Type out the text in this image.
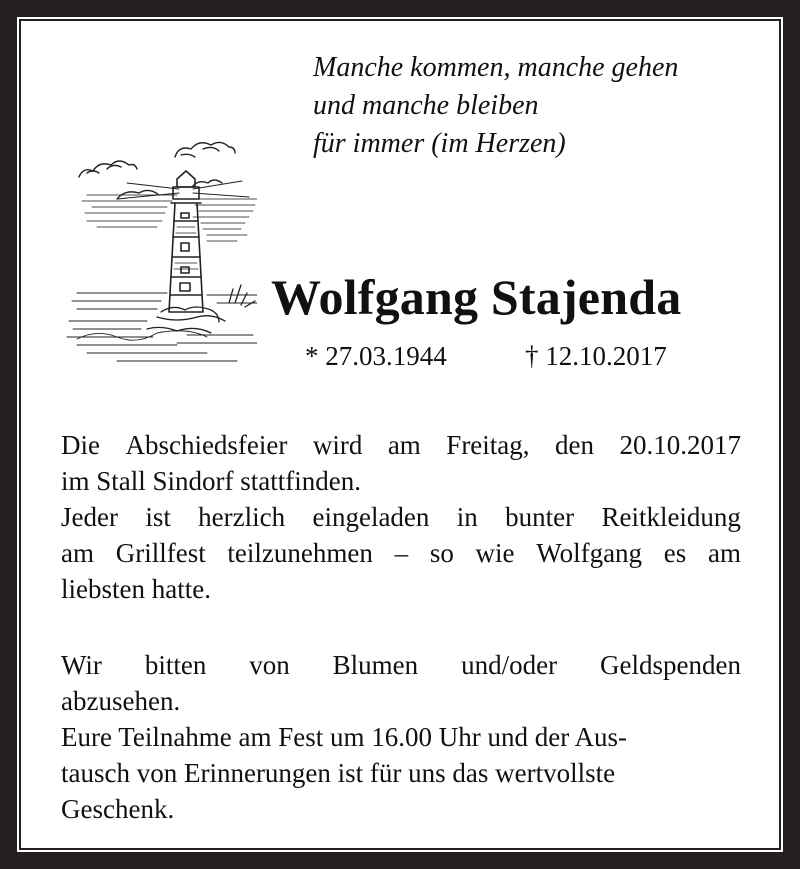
Manche kommen, manche gehen
und manche bleiben
für immer (im Herzen)
Wolfgang Stajenda
* 27.03.1944	† 12.10.2017
Die Abschiedsfeier wird am Freitag, den 20.10.2017
im Stall Sindorf stattfinden.
Jeder ist herzlich eingeladen in bunter Reitkleidung
am Grillfest teilzunehmen – so wie Wolfgang es am
liebsten hatte.
Wir bitten von Blumen und/oder Geldspenden
abzusehen.
Eure Teilnahme am Fest um 16.00 Uhr und der Aus-
tausch von Erinnerungen ist für uns das wertvollste
Geschenk.
